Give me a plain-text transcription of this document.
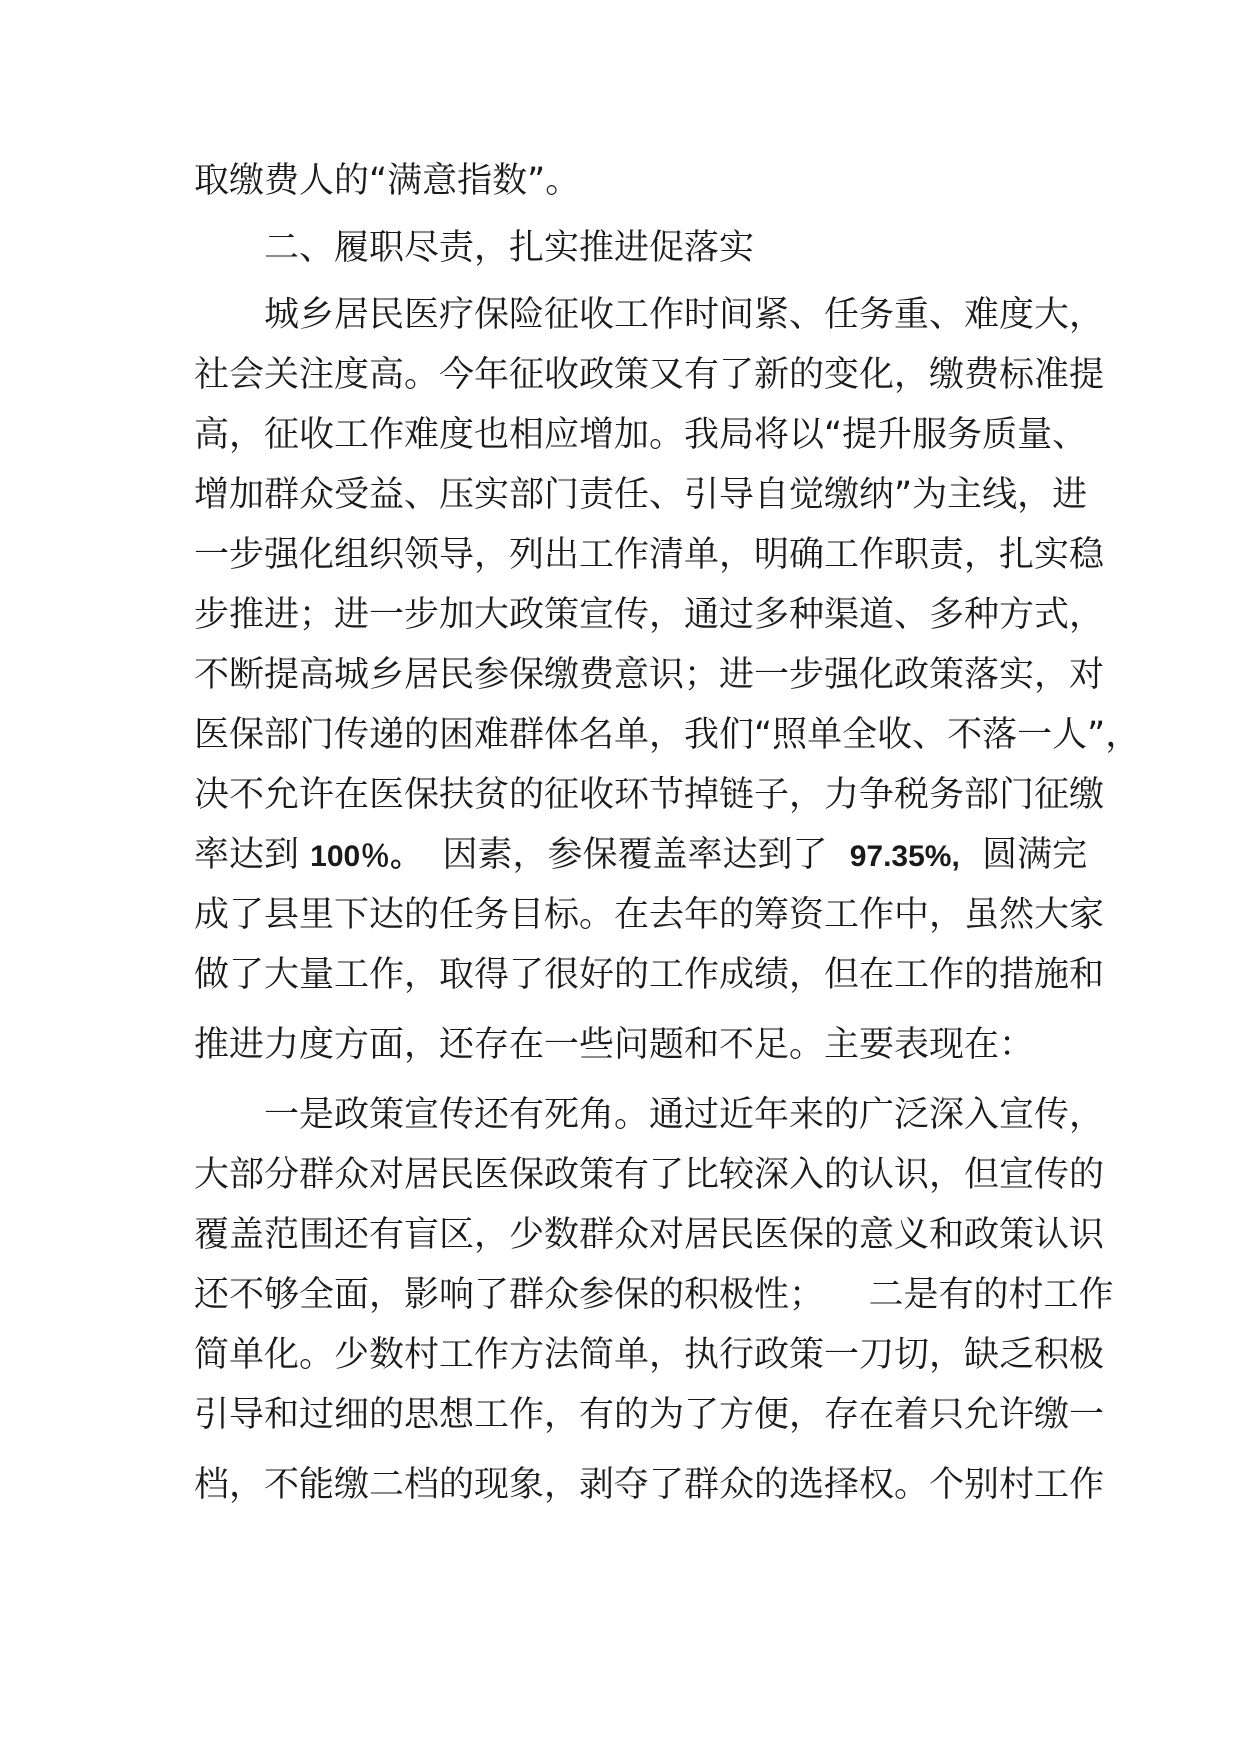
取缴费人的“满意指数”。
二、履职尽责，扎实推进促落实
城乡居民医疗保险征收工作时间紧、任务重、难度大，
社会关注度高。今年征收政策又有了新的变化，缴费标准提
高，征收工作难度也相应增加。我局将以“提升服务质量、
增加群众受益、压实部门责任、引导自觉缴纳”为主线，进
一步强化组织领导，列出工作清单，明确工作职责，扎实稳
步推进；进一步加大政策宣传，通过多种渠道、多种方式，
不断提高城乡居民参保缴费意识；进一步强化政策落实，对
医保部门传递的困难群体名单，我们“照单全收、不落一人”，
决不允许在医保扶贫的征收环节掉链子，力争税务部门征缴
率达到 100％。  因素，参保覆盖率达到了  97.35%,  圆满完
成了县里下达的任务目标。在去年的筹资工作中，虽然大家
做了大量工作，取得了很好的工作成绩，但在工作的措施和
推进力度方面，还存在一些问题和不足。主要表现在：
一是政策宣传还有死角。通过近年来的广泛深入宣传，
大部分群众对居民医保政策有了比较深入的认识，但宣传的
覆盖范围还有盲区，少数群众对居民医保的意义和政策认识
还不够全面，影响了群众参保的积极性；    二是有的村工作
简单化。少数村工作方法简单，执行政策一刀切，缺乏积极
引导和过细的思想工作，有的为了方便，存在着只允许缴一
档，不能缴二档的现象，剥夺了群众的选择权。个别村工作
